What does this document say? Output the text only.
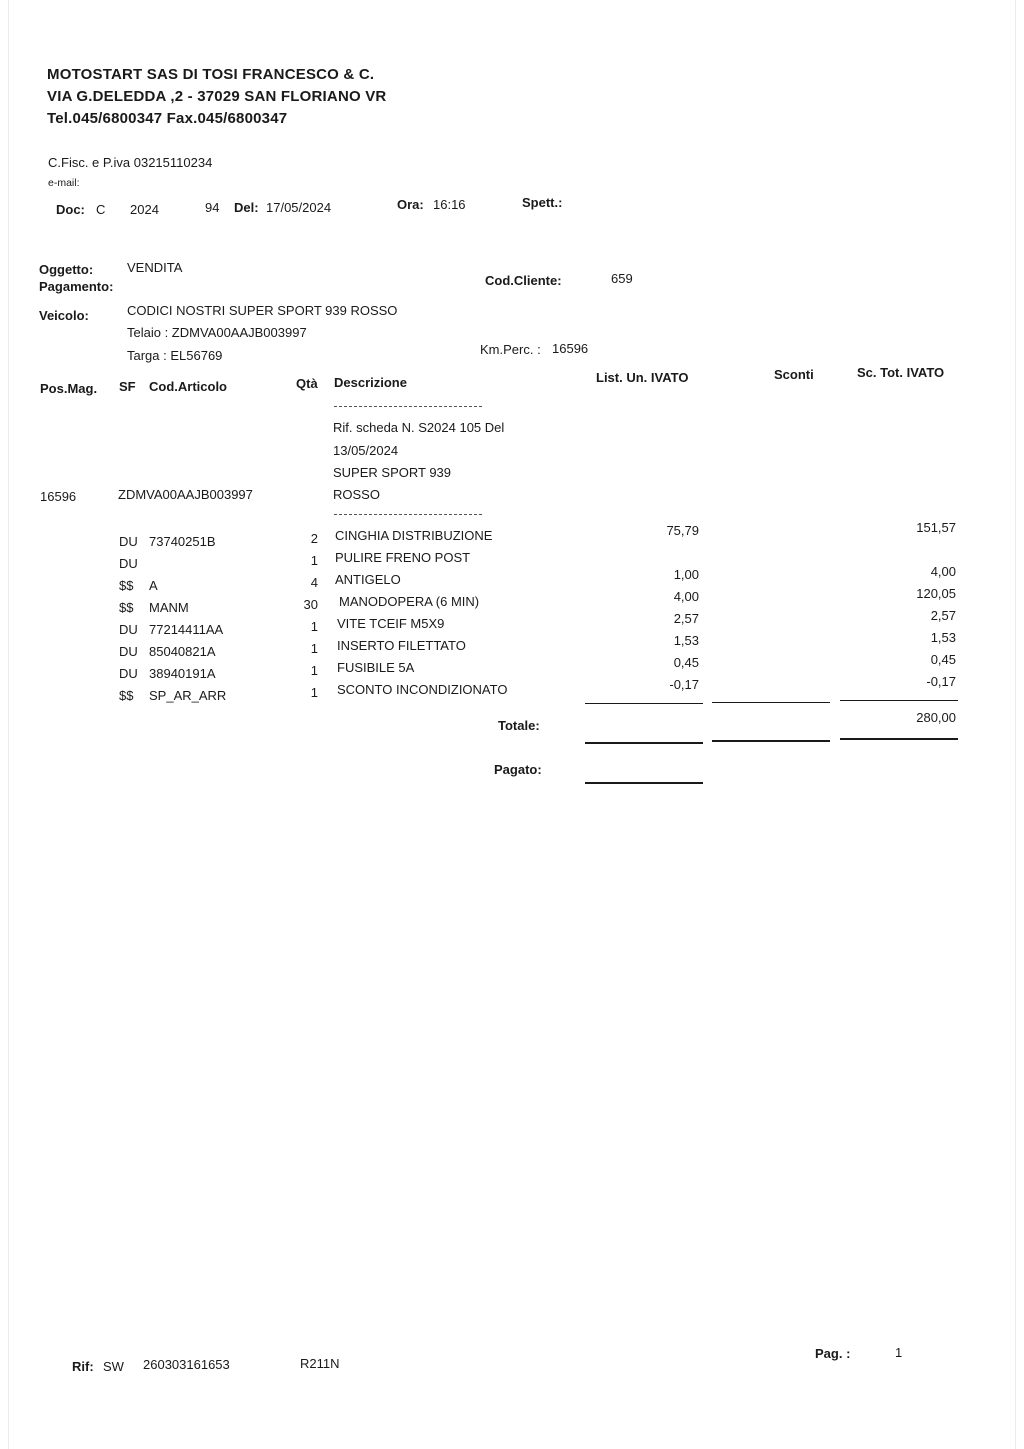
MOTOSTART SAS DI TOSI FRANCESCO & C.
VIA G.DELEDDA ,2 - 37029 SAN FLORIANO VR
Tel.045/6800347 Fax.045/6800347
C.Fisc. e P.iva 03215110234
e-mail:
Doc: C 2024	94 Del: 17/05/2024	Ora: 16:16	Spett.:
Oggetto:	VENDITA
Pagamento:	Cod.Cliente:	659
Veicolo:	CODICI NOSTRI SUPER SPORT 939 ROSSO
Telaio : ZDMVA00AAJB003997
Targa : EL56769	Km.Perc. : 16596
Pos.Mag. SF Cod.Articolo	Qtà Descrizione	List. Un. IVATO	Sconti	Sc. Tot. IVATO
Rif. scheda N. S2024 105 Del
13/05/2024
SUPER SPORT 939
ROSSO
16596	ZDMVA00AAJB003997
DU 73740251B	2 CINGHIA DISTRIBUZIONE	75,79	151,57
DU	1 PULIRE FRENO POST
$$ A	4 ANTIGELO	1,00	4,00
$$ MANM	30 MANODOPERA (6 MIN)	4,00	120,05
DU 77214411AA	1 VITE TCEIF M5X9	2,57	2,57
DU 85040821A	1 INSERTO FILETTATO	1,53	1,53
DU 38940191A	1 FUSIBILE 5A	0,45	0,45
$$ SP_AR_ARR	1 SCONTO INCONDIZIONATO	-0,17	-0,17
Totale:
280,00
Pagato:
Rif: SW 260303161653	R211N
Pag. :	1
